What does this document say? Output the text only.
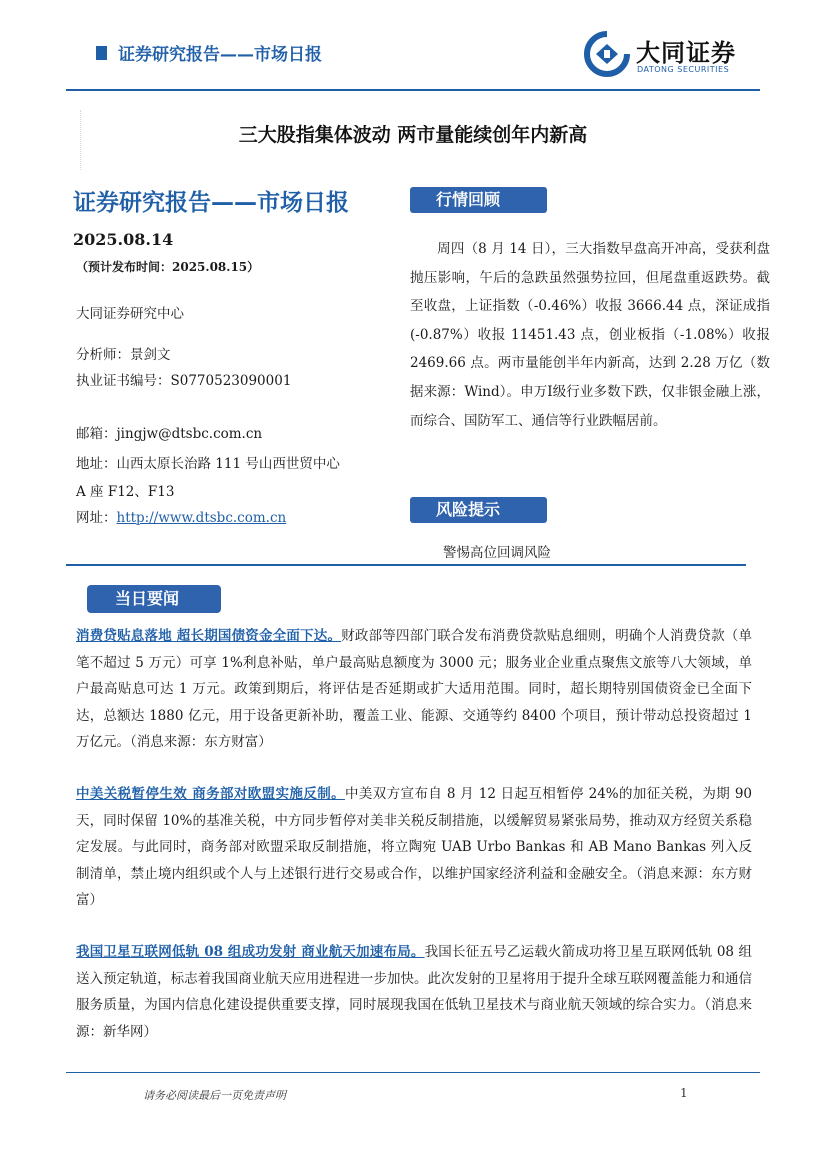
证券研究报告——市场日报	大同证券
DATONG SECURITIES
三大股指集体波动 两市量能续创年内新高
证券研究报告——市场日报
2025.08.14
（预计发布时间：2025.08.15）
大同证券研究中心
分析师：景剑文
执业证书编号：S0770523090001
邮箱：jingjw@dtsbc.com.cn
地址：山西太原长治路 111 号山西世贸中心
A 座 F12、F13
网址：http://www.dtsbc.com.cn
行情回顾
周四（8 月 14 日），三大指数早盘高开冲高，受获利盘抛压影响，午后的急跌虽然强势拉回，但尾盘重返跌势。截至收盘，上证指数（-0.46%）收报 3666.44 点，深证成指(-0.87%）收报 11451.43 点，创业板指（-1.08%）收报 2469.66 点。两市量能创半年内新高，达到 2.28 万亿（数据来源：Wind）。申万Ⅰ级行业多数下跌，仅非银金融上涨，而综合、国防军工、通信等行业跌幅居前。
风险提示
警惕高位回调风险
当日要闻
消费贷贴息落地 超长期国债资金全面下达。财政部等四部门联合发布消费贷款贴息细则，明确个人消费贷款（单笔不超过 5 万元）可享 1%利息补贴，单户最高贴息额度为 3000 元；服务业企业重点聚焦文旅等八大领域，单户最高贴息可达 1 万元。政策到期后，将评估是否延期或扩大适用范围。同时，超长期特别国债资金已全面下达，总额达 1880 亿元，用于设备更新补助，覆盖工业、能源、交通等约 8400 个项目，预计带动总投资超过 1 万亿元。（消息来源：东方财富）
中美关税暂停生效 商务部对欧盟实施反制。中美双方宣布自 8 月 12 日起互相暂停 24%的加征关税，为期 90 天，同时保留 10%的基准关税，中方同步暂停对美非关税反制措施，以缓解贸易紧张局势，推动双方经贸关系稳定发展。与此同时，商务部对欧盟采取反制措施，将立陶宛 UAB Urbo Bankas 和 AB Mano Bankas 列入反制清单，禁止境内组织或个人与上述银行进行交易或合作，以维护国家经济利益和金融安全。（消息来源：东方财富）
我国卫星互联网低轨 08 组成功发射 商业航天加速布局。我国长征五号乙运载火箭成功将卫星互联网低轨 08 组送入预定轨道，标志着我国商业航天应用进程进一步加快。此次发射的卫星将用于提升全球互联网覆盖能力和通信服务质量，为国内信息化建设提供重要支撑，同时展现我国在低轨卫星技术与商业航天领域的综合实力。（消息来源：新华网）
请务必阅读最后一页免责声明	1
